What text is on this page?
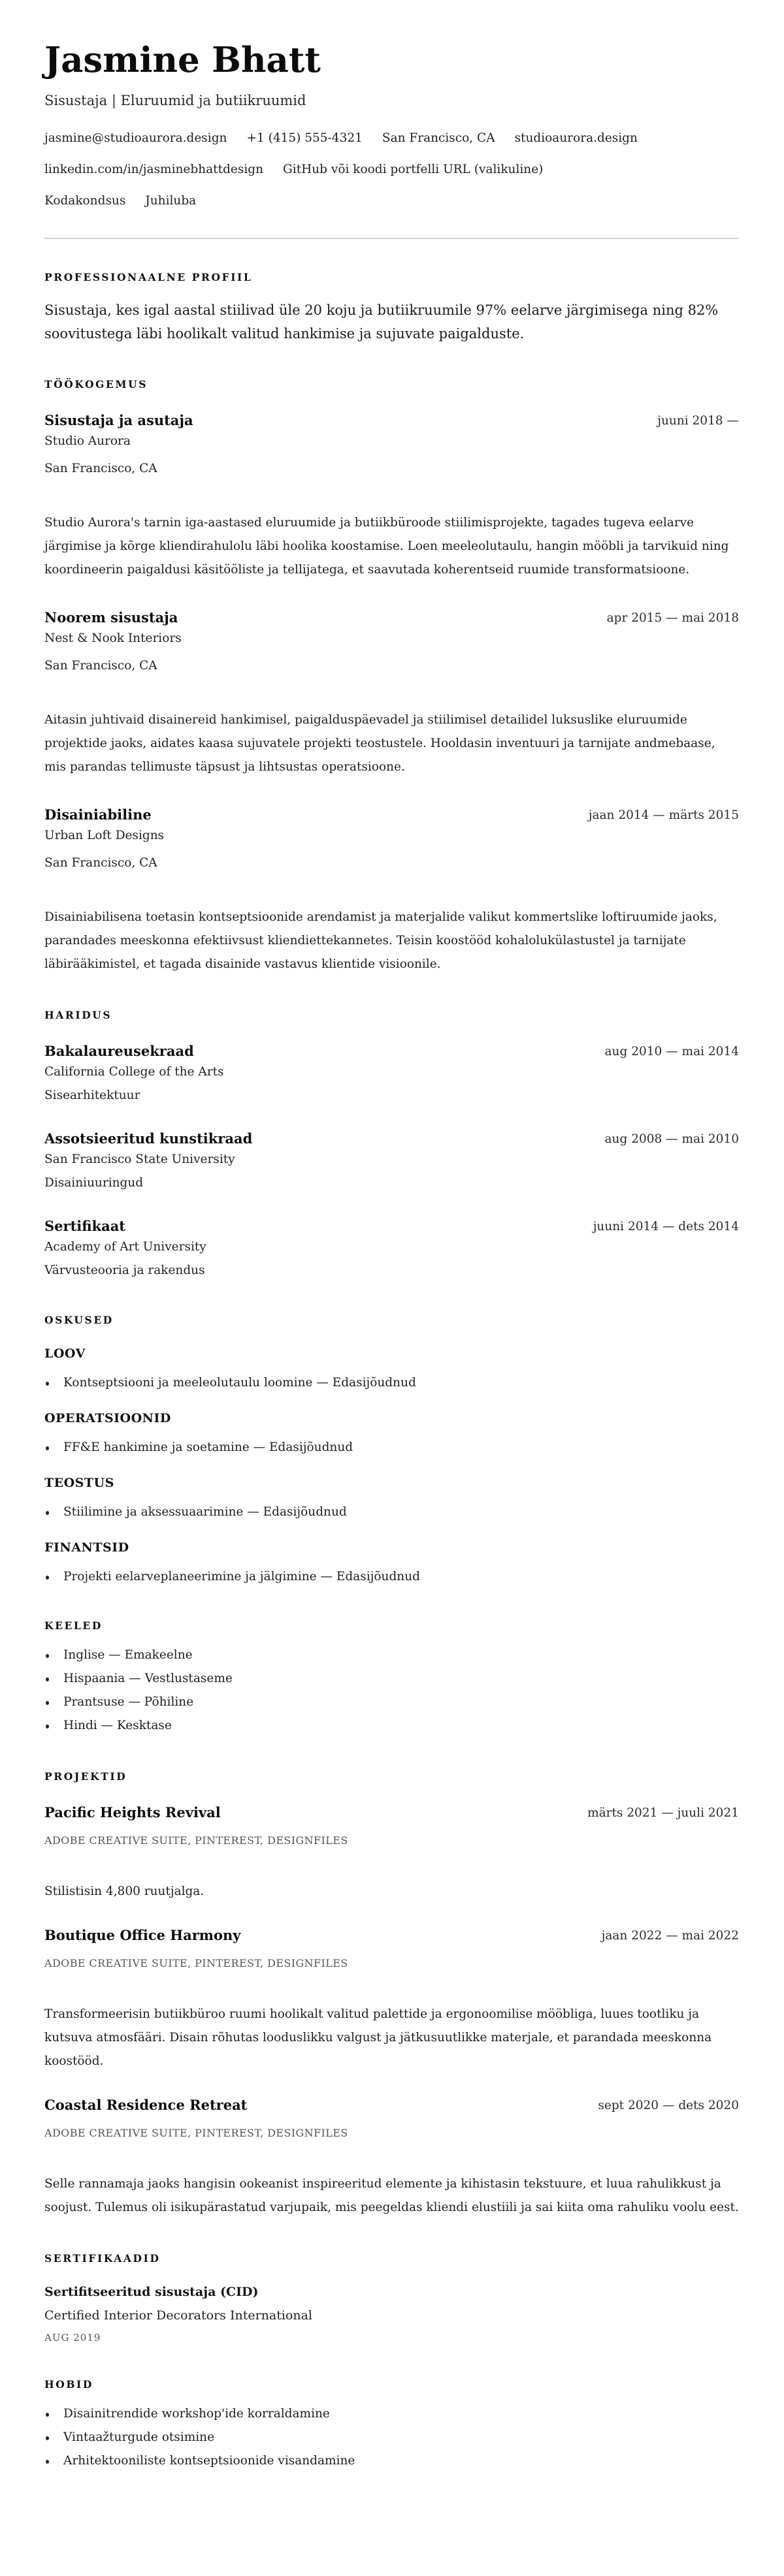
Jasmine Bhatt
Sisustaja | Eluruumid ja butiikruumid
jasmine@studioaurora.design +1 (415) 555-4321 San Francisco, CA studioaurora.design
linkedin.com/in/jasminebhattdesign GitHub või koodi portfelli URL (valikuline)
Kodakondsus Juhiluba
PROFESSIONAALNE PROFIIL
Sisustaja, kes igal aastal stiilivad üle 20 koju ja butiikruumile 97% eelarve järgimisega ning 82% soovitustega läbi hoolikalt valitud hankimise ja sujuvate paigalduste.
TÖÖKOGEMUS
Sisustaja ja asutaja	juuni 2018 —
Studio Aurora
San Francisco, CA
Studio Aurora's tarnin iga-aastased eluruumide ja butiikbüroode stiilimisprojekte, tagades tugeva eelarve järgimise ja kõrge kliendirahulolu läbi hoolika koostamise. Loen meeleolutaulu, hangin mööbli ja tarvikuid ning koordineerin paigaldusi käsitööliste ja tellijatega, et saavutada koherentseid ruumide transformatsioone.
Noorem sisustaja	apr 2015 — mai 2018
Nest & Nook Interiors
San Francisco, CA
Aitasin juhtivaid disainereid hankimisel, paigalduspäevadel ja stiilimisel detailidel luksuslike eluruumide projektide jaoks, aidates kaasa sujuvatele projekti teostustele. Hooldasin inventuuri ja tarnijate andmebaase, mis parandas tellimuste täpsust ja lihtsustas operatsioone.
Disainiabiline	jaan 2014 — märts 2015
Urban Loft Designs
San Francisco, CA
Disainiabilisena toetasin kontseptsioonide arendamist ja materjalide valikut kommertslike loftiruumide jaoks, parandades meeskonna efektiivsust kliendiettekannetes. Teisin koostööd kohalolukülastustel ja tarnijate läbirääkimistel, et tagada disainide vastavus klientide visioonile.
HARIDUS
Bakalaureusekraad	aug 2010 — mai 2014
California College of the Arts
Sisearhitektuur
Assotsieeritud kunstikraad	aug 2008 — mai 2010
San Francisco State University
Disainiuuringud
Sertifikaat	juuni 2014 — dets 2014
Academy of Art University
Värvusteooria ja rakendus
OSKUSED
LOOV
Kontseptsiooni ja meeleolutaulu loomine — Edasijõudnud
OPERATSIOONID
FF&E hankimine ja soetamine — Edasijõudnud
TEOSTUS
Stiilimine ja aksessuaarimine — Edasijõudnud
FINANTSID
Projekti eelarveplaneerimine ja jälgimine — Edasijõudnud
KEELED
Inglise — Emakeelne
Hispaania — Vestlustaseme
Prantsuse — Põhiline
Hindi — Kesktase
PROJEKTID
Pacific Heights Revival	märts 2021 — juuli 2021
ADOBE CREATIVE SUITE, PINTEREST, DESIGNFILES
Stilistisin 4,800 ruutjalga.
Boutique Office Harmony	jaan 2022 — mai 2022
ADOBE CREATIVE SUITE, PINTEREST, DESIGNFILES
Transformeerisin butiikbüroo ruumi hoolikalt valitud palettide ja ergonoomilise mööbliga, luues tootliku ja kutsuva atmosfääri. Disain rõhutas looduslikku valgust ja jätkusuutlikke materjale, et parandada meeskonna koostööd.
Coastal Residence Retreat	sept 2020 — dets 2020
ADOBE CREATIVE SUITE, PINTEREST, DESIGNFILES
Selle rannamaja jaoks hangisin ookeanist inspireeritud elemente ja kihistasin tekstuure, et luua rahulikkust ja soojust. Tulemus oli isikupärastatud varjupaik, mis peegeldas kliendi elustiili ja sai kiita oma rahuliku voolu eest.
SERTIFIKAADID
Sertifitseeritud sisustaja (CID)
Certified Interior Decorators International
AUG 2019
HOBID
Disainitrendide workshop'ide korraldamine
Vintaažturgude otsimine
Arhitektooniliste kontseptsioonide visandamine
